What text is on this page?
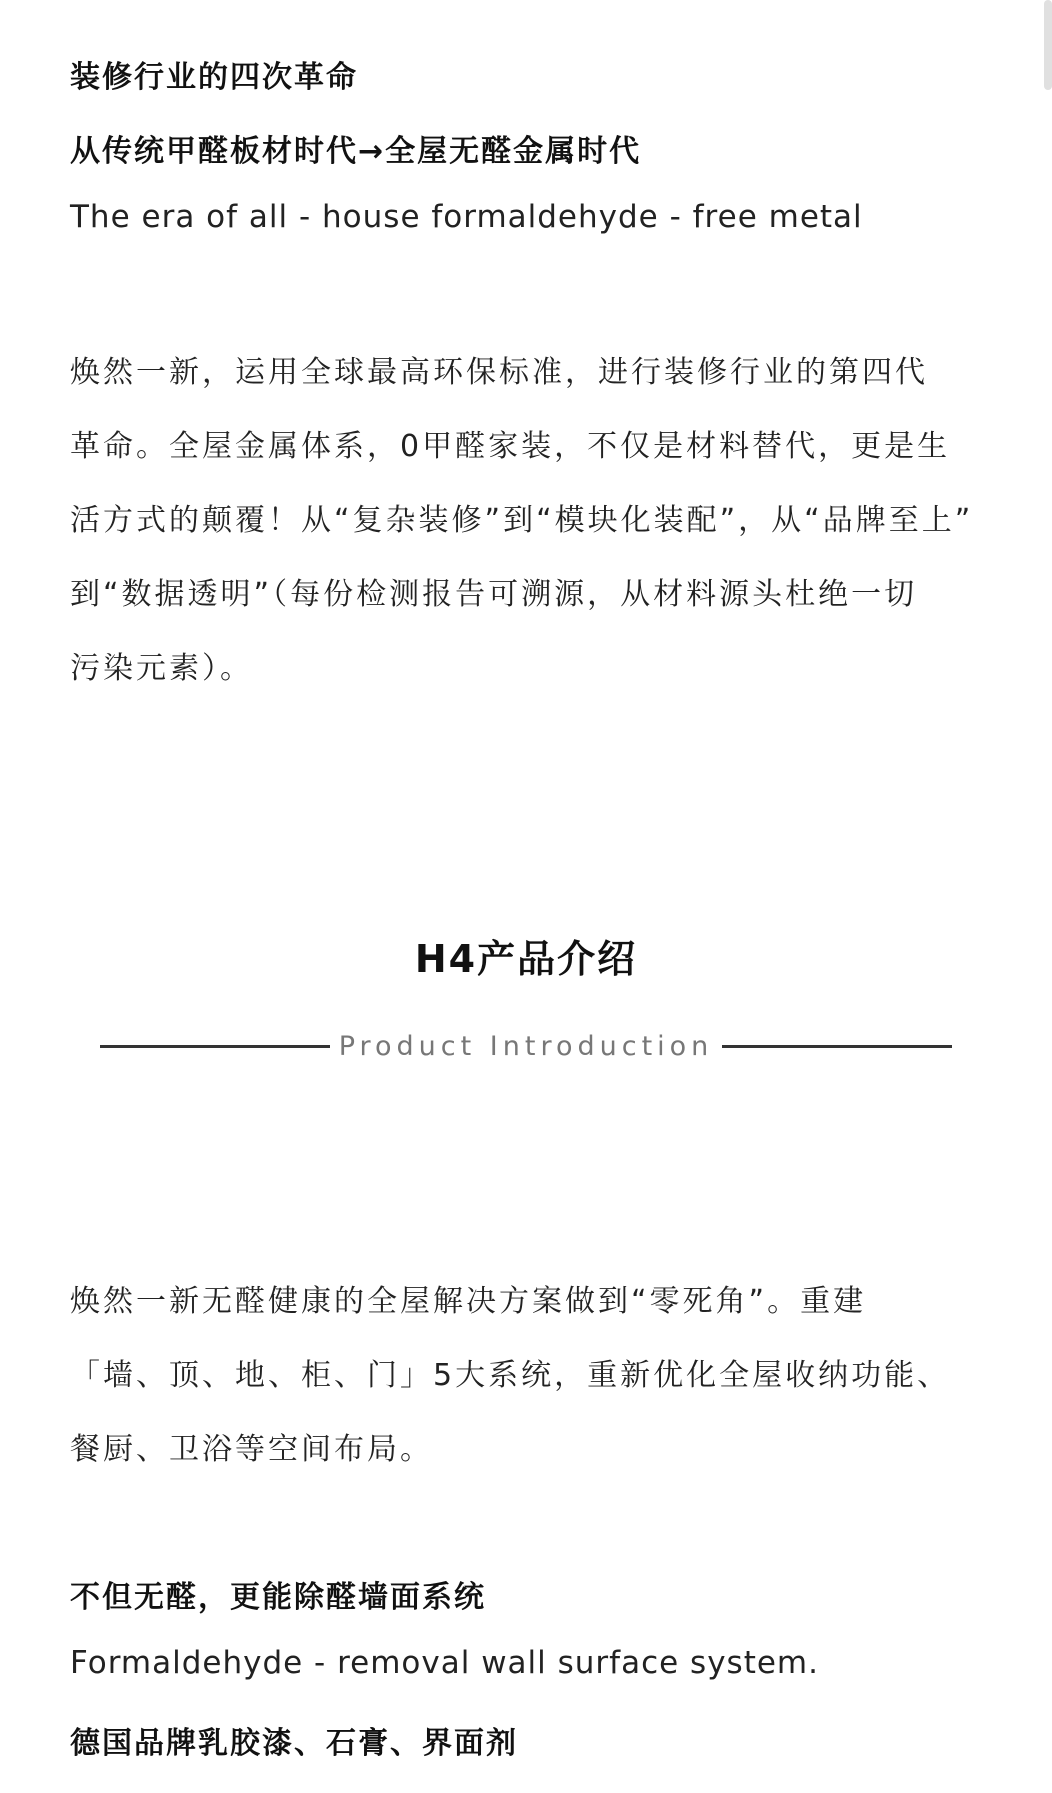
装修行业的四次革命
从传统甲醛板材时代→全屋无醛金属时代
The era of all - house formaldehyde - free metal
焕然一新，运用全球最高环保标准，进行装修行业的第四代
革命。全屋金属体系，0甲醛家装，不仅是材料替代，更是生
活方式的颠覆！从“复杂装修”到“模块化装配”，从“品牌至上”
到“数据透明”（每份检测报告可溯源，从材料源头杜绝一切
污染元素）。
H4产品介绍
Product Introduction
焕然一新无醛健康的全屋解决方案做到“零死角”。重建
「墙、顶、地、柜、门」5大系统，重新优化全屋收纳功能、
餐厨、卫浴等空间布局。
不但无醛，更能除醛墙面系统
Formaldehyde - removal wall surface system.
德国品牌乳胶漆、石膏、界面剂
